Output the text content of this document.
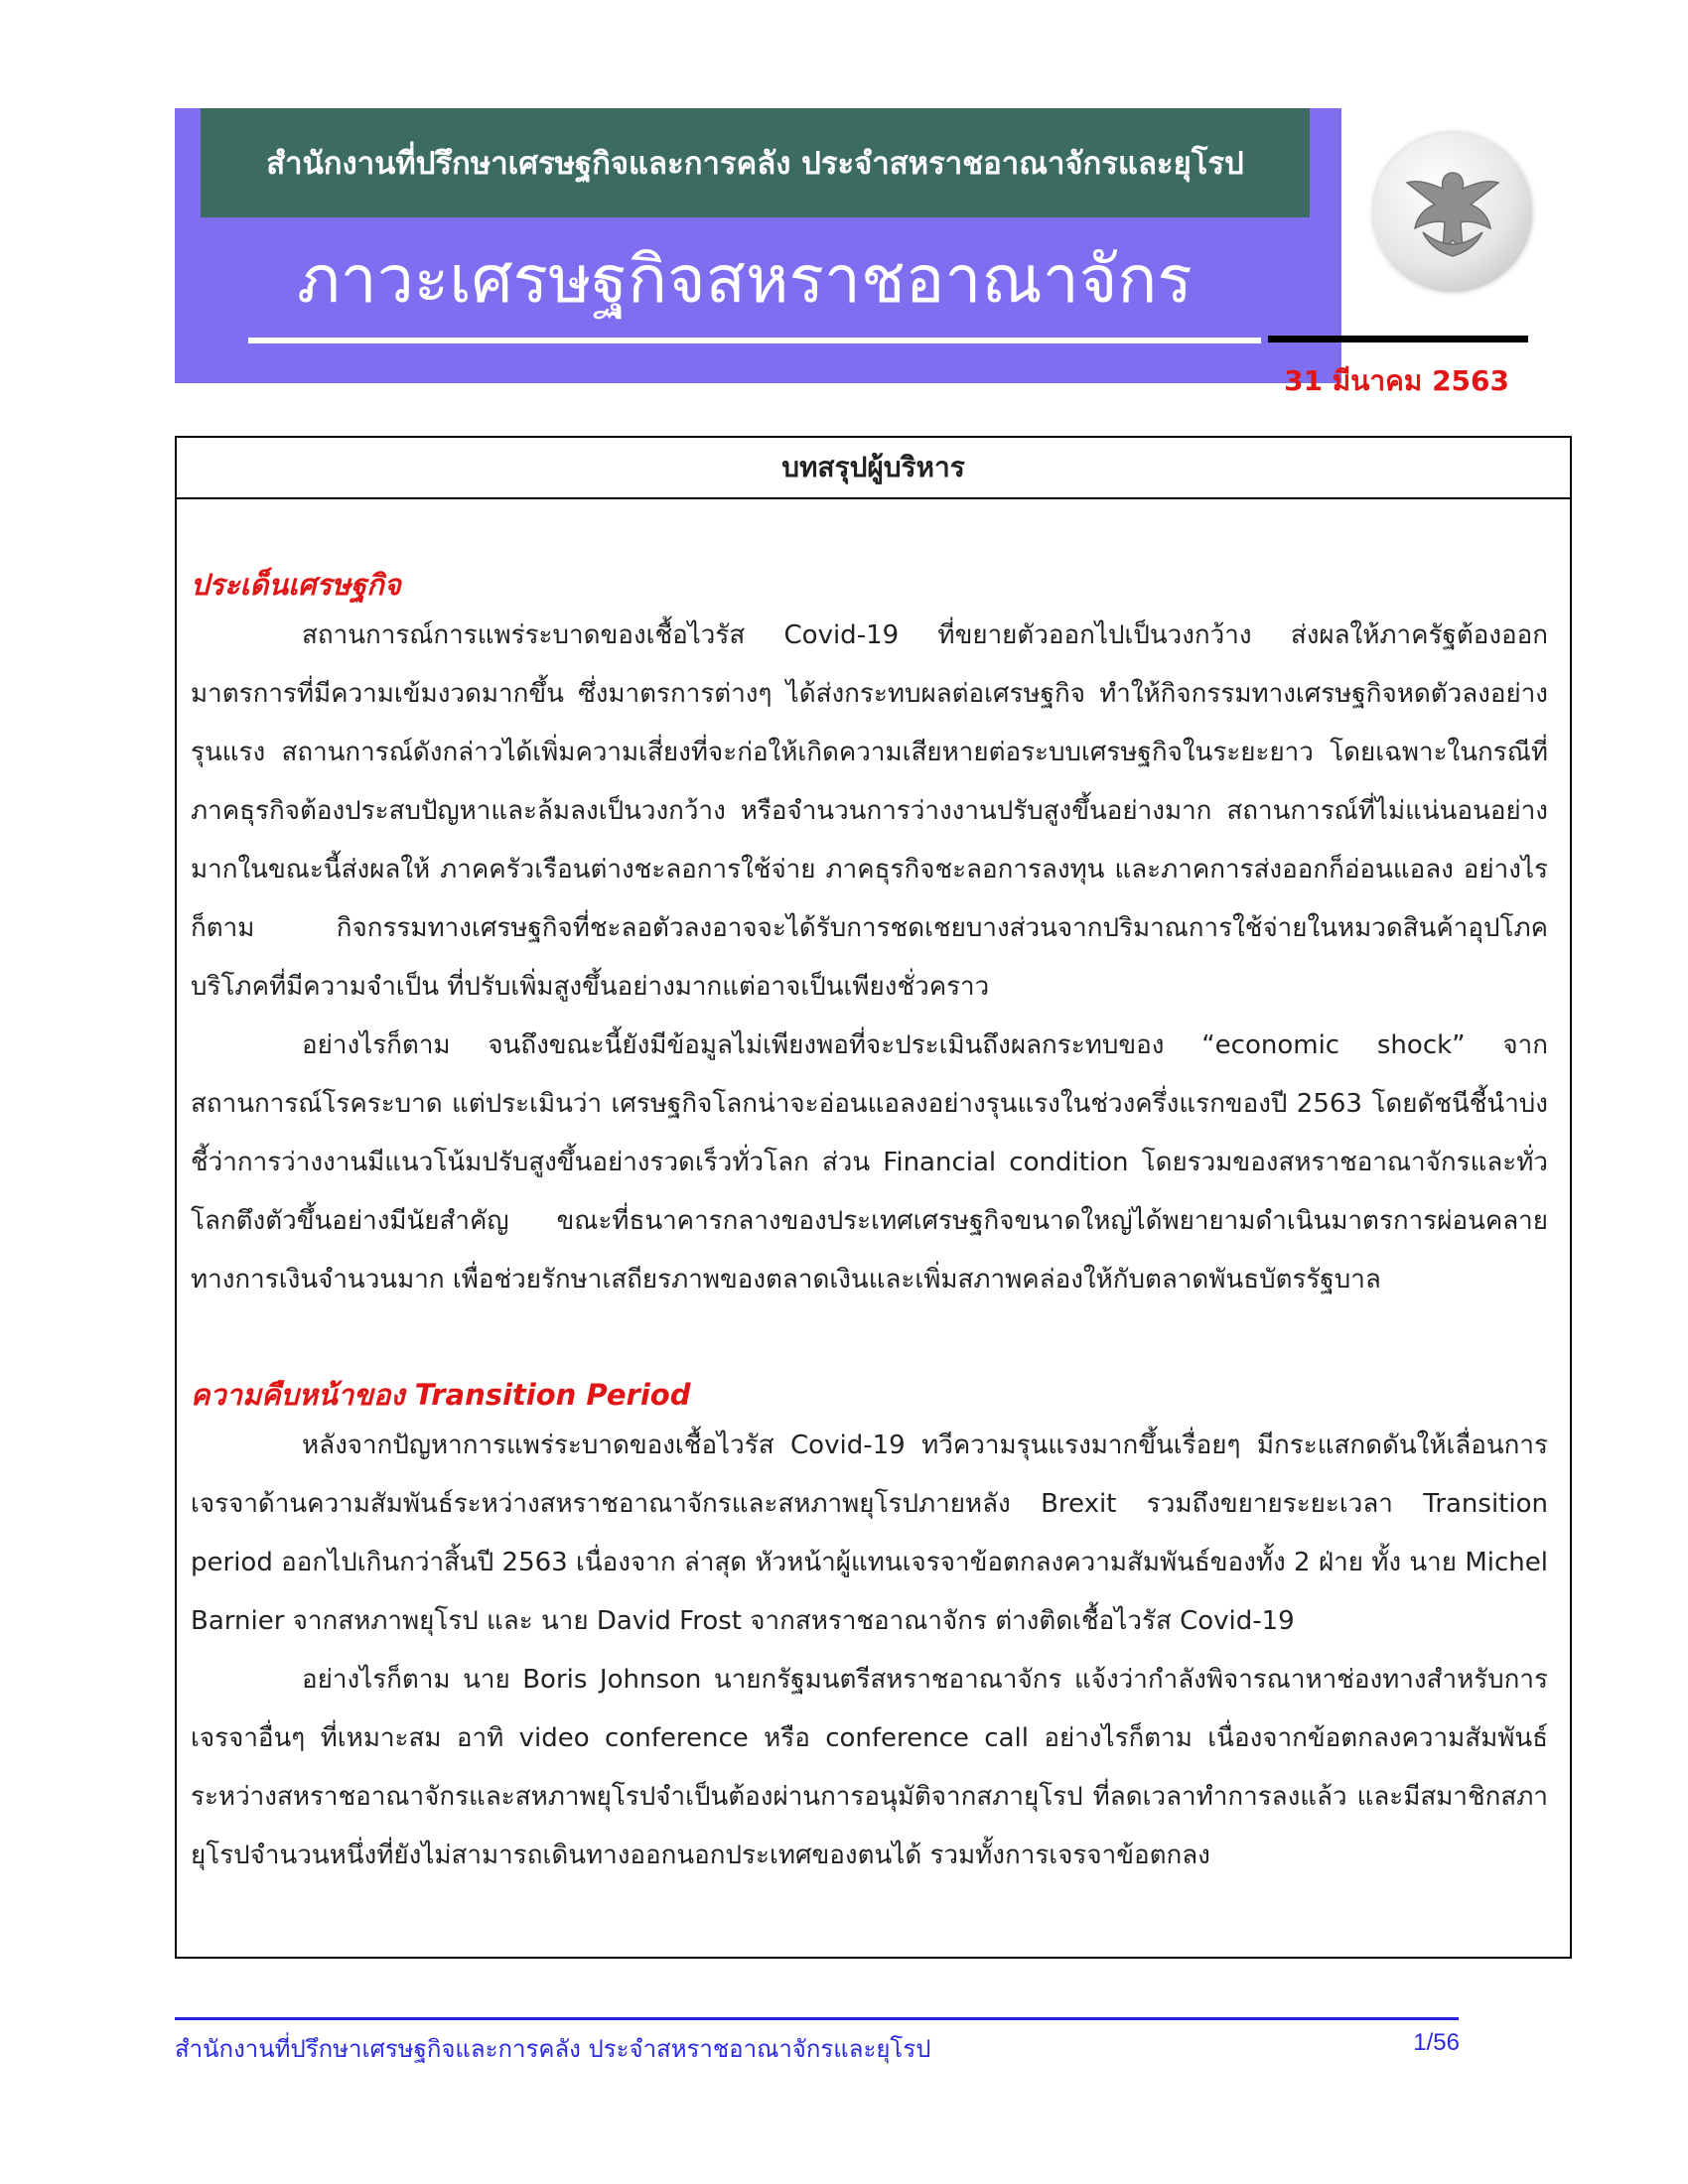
สำนักงานที่ปรึกษาเศรษฐกิจและการคลัง ประจำสหราชอาณาจักรและยุโรป
ภาวะเศรษฐกิจสหราชอาณาจักร
31 มีนาคม 2563
บทสรุปผู้บริหาร
ประเด็นเศรษฐกิจ

สถานการณ์การแพร่ระบาดของเชื้อไวรัส Covid-19 ที่ขยายตัวออกไปเป็นวงกว้าง ส่งผลให้ภาครัฐต้องออกมาตรการที่มีความเข้มงวดมากขึ้น ซึ่งมาตรการต่างๆ ได้ส่งกระทบผลต่อเศรษฐกิจ ทำให้กิจกรรมทางเศรษฐกิจหดตัวลงอย่างรุนแรง สถานการณ์ดังกล่าวได้เพิ่มความเสี่ยงที่จะก่อให้เกิดความเสียหายต่อระบบเศรษฐกิจในระยะยาว โดยเฉพาะในกรณีที่ภาคธุรกิจต้องประสบปัญหาและล้มลงเป็นวงกว้าง หรือจำนวนการว่างงานปรับสูงขึ้นอย่างมาก สถานการณ์ที่ไม่แน่นอนอย่างมากในขณะนี้ส่งผลให้ ภาคครัวเรือนต่างชะลอการใช้จ่าย ภาคธุรกิจชะลอการลงทุน และภาคการส่งออกก็อ่อนแอลง อย่างไรก็ตาม กิจกรรมทางเศรษฐกิจที่ชะลอตัวลงอาจจะได้รับการชดเชยบางส่วนจากปริมาณการใช้จ่ายในหมวดสินค้าอุปโภคบริโภคที่มีความจำเป็น ที่ปรับเพิ่มสูงขึ้นอย่างมากแต่อาจเป็นเพียงชั่วคราว

อย่างไรก็ตาม จนถึงขณะนี้ยังมีข้อมูลไม่เพียงพอที่จะประเมินถึงผลกระทบของ “economic shock” จากสถานการณ์โรคระบาด แต่ประเมินว่า เศรษฐกิจโลกน่าจะอ่อนแอลงอย่างรุนแรงในช่วงครึ่งแรกของปี 2563 โดยดัชนีชี้นำบ่งชี้ว่าการว่างงานมีแนวโน้มปรับสูงขึ้นอย่างรวดเร็วทั่วโลก ส่วน Financial condition โดยรวมของสหราชอาณาจักรและทั่วโลกตึงตัวขึ้นอย่างมีนัยสำคัญ ขณะที่ธนาคารกลางของประเทศเศรษฐกิจขนาดใหญ่ได้พยายามดำเนินมาตรการผ่อนคลายทางการเงินจำนวนมาก เพื่อช่วยรักษาเสถียรภาพของตลาดเงินและเพิ่มสภาพคล่องให้กับตลาดพันธบัตรรัฐบาล

ความคืบหน้าของ Transition Period

หลังจากปัญหาการแพร่ระบาดของเชื้อไวรัส Covid-19 ทวีความรุนแรงมากขึ้นเรื่อยๆ มีกระแสกดดันให้เลื่อนการเจรจาด้านความสัมพันธ์ระหว่างสหราชอาณาจักรและสหภาพยุโรปภายหลัง Brexit รวมถึงขยายระยะเวลา Transition period ออกไปเกินกว่าสิ้นปี 2563 เนื่องจาก ล่าสุด หัวหน้าผู้แทนเจรจาข้อตกลงความสัมพันธ์ของทั้ง 2 ฝ่าย ทั้ง นาย Michel Barnier จากสหภาพยุโรป และ นาย David Frost จากสหราชอาณาจักร ต่างติดเชื้อไวรัส Covid-19

อย่างไรก็ตาม นาย Boris Johnson นายกรัฐมนตรีสหราชอาณาจักร แจ้งว่ากำลังพิจารณาหาช่องทางสำหรับการเจรจาอื่นๆ ที่เหมาะสม อาทิ video conference หรือ conference call อย่างไรก็ตาม เนื่องจากข้อตกลงความสัมพันธ์ระหว่างสหราชอาณาจักรและสหภาพยุโรปจำเป็นต้องผ่านการอนุมัติจากสภายุโรป ที่ลดเวลาทำการลงแล้ว และมีสมาชิกสภายุโรปจำนวนหนึ่งที่ยังไม่สามารถเดินทางออกนอกประเทศของตนได้ รวมทั้งการเจรจาข้อตกลง

สำนักงานที่ปรึกษาเศรษฐกิจและการคลัง ประจำสหราชอาณาจักรและยุโรป	1/56
